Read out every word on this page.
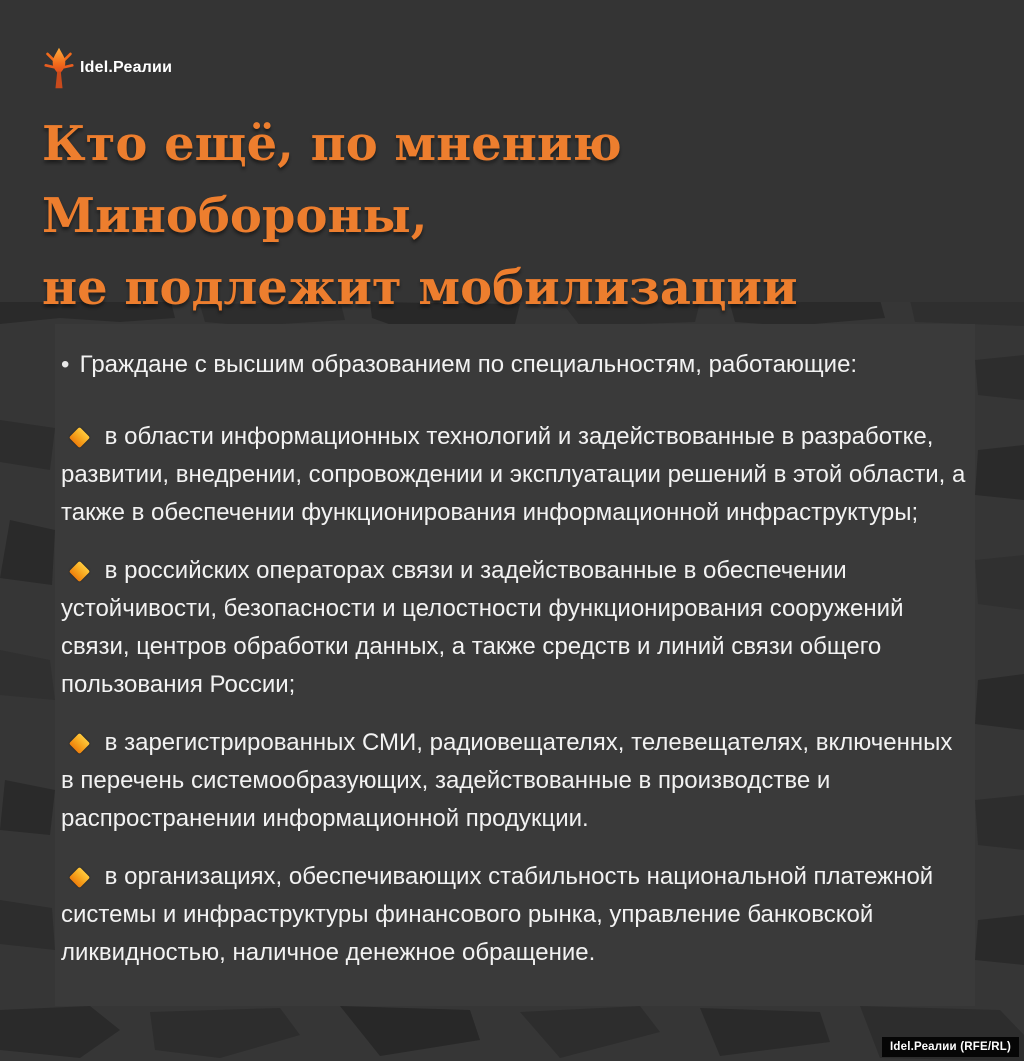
Idel.Реалии
Кто ещё, по мнению Минобороны,
не подлежит мобилизации

• Граждане с высшим образованием по специальностям, работающие:

в области информационных технологий и задействованные в разработке, развитии, внедрении, сопровождении и эксплуатации решений в этой области, а также в обеспечении функционирования информационной инфраструктуры;

в российских операторах связи и задействованные в обеспечении устойчивости, безопасности и целостности функционирования сооружений связи, центров обработки данных, а также средств и линий связи общего пользования России;

в зарегистрированных СМИ, радиовещателях, телевещателях, включенных в перечень системообразующих, задействованные в производстве и распространении информационной продукции.

в организациях, обеспечивающих стабильность национальной платежной системы и инфраструктуры финансового рынка, управление банковской ликвидностью, наличное денежное обращение.

Idel.Реалии (RFE/RL)
